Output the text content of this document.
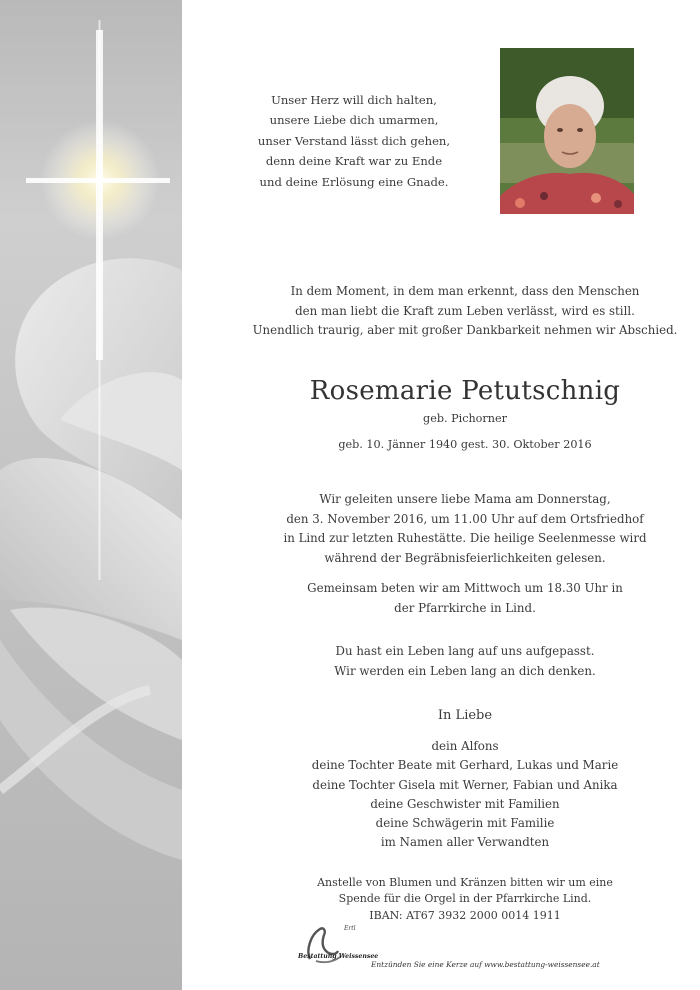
Unser Herz will dich halten,
unsere Liebe dich umarmen,
unser Verstand lässt dich gehen,
denn deine Kraft war zu Ende
und deine Erlösung eine Gnade.
In dem Moment, in dem man erkennt, dass den Menschen
den man liebt die Kraft zum Leben verlässt, wird es still.
Unendlich traurig, aber mit großer Dankbarkeit nehmen wir Abschied.
Rosemarie Petutschnig
geb. Pichorner
geb. 10. Jänner 1940 gest. 30. Oktober 2016
Wir geleiten unsere liebe Mama am Donnerstag,
den 3. November 2016, um 11.00 Uhr auf dem Ortsfriedhof
in Lind zur letzten Ruhestätte. Die heilige Seelenmesse wird
während der Begräbnisfeierlichkeiten gelesen.
Gemeinsam beten wir am Mittwoch um 18.30 Uhr in
der Pfarrkirche in Lind.
Du hast ein Leben lang auf uns aufgepasst.
Wir werden ein Leben lang an dich denken.
In Liebe
dein Alfons
deine Tochter Beate mit Gerhard, Lukas und Marie
deine Tochter Gisela mit Werner, Fabian und Anika
deine Geschwister mit Familien
deine Schwägerin mit Familie
im Namen aller Verwandten
Anstelle von Blumen und Kränzen bitten wir um eine
Spende für die Orgel in der Pfarrkirche Lind.
IBAN: AT67 3932 2000 0014 1911
Ertl
Bestattung Weissensee
Entzünden Sie eine Kerze auf www.bestattung-weissensee.at
